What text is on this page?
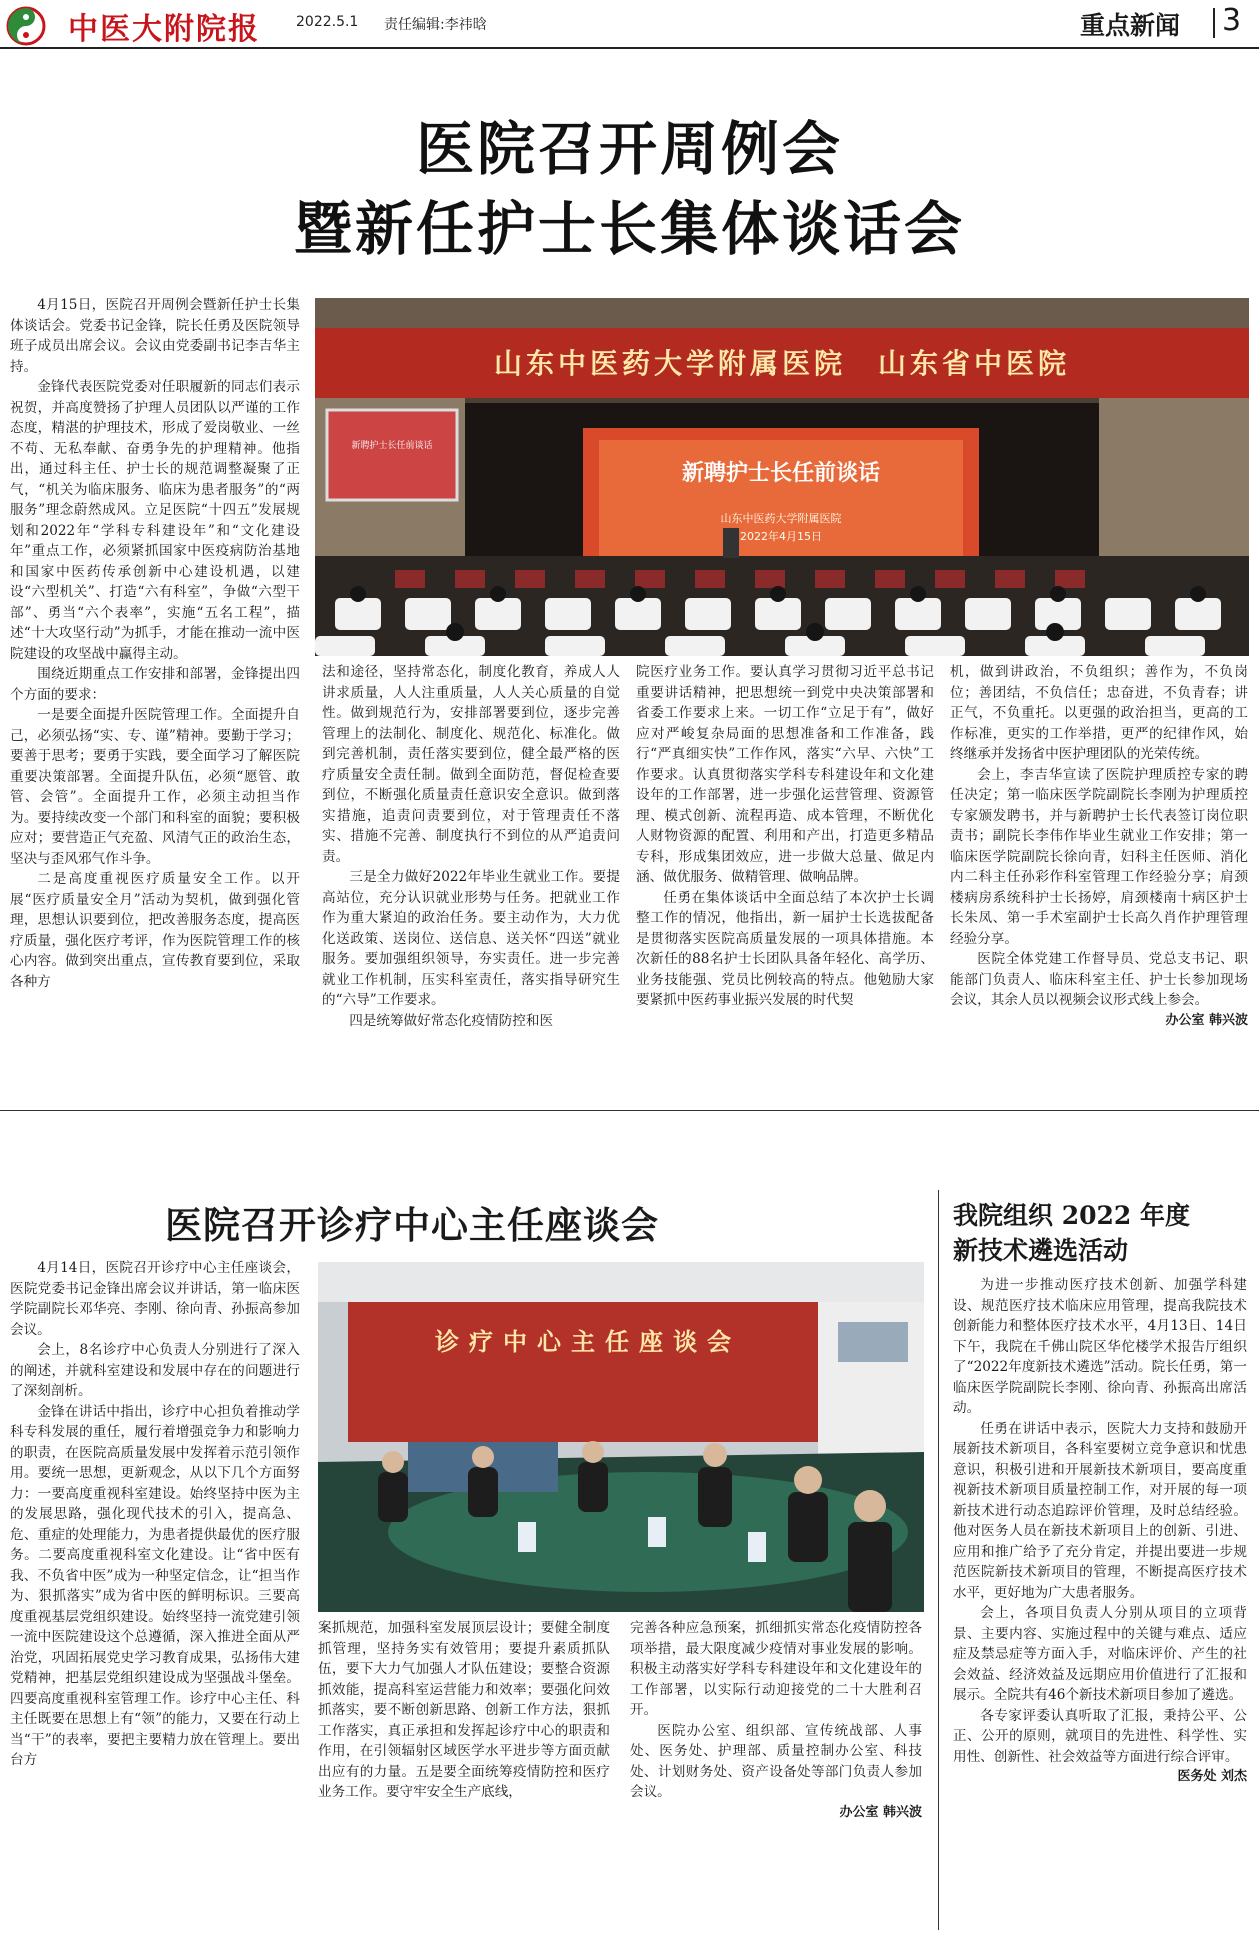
中医大附院报	2022.5.1 责任编辑:李祎晗	重点新闻 3
医院召开周例会
暨新任护士长集体谈话会

4月15日，医院召开周例会暨新任护士长集体谈话会。党委书记金锋，院长任勇及医院领导班子成员出席会议。会议由党委副书记李吉华主持。

金锋代表医院党委对任职履新的同志们表示祝贺，并高度赞扬了护理人员团队以严谨的工作态度，精湛的护理技术，形成了爱岗敬业、一丝不苟、无私奉献、奋勇争先的护理精神。他指出，通过科主任、护士长的规范调整凝聚了正气，“机关为临床服务、临床为患者服务”的“两服务”理念蔚然成风。立足医院“十四五”发展规划和2022年“学科专科建设年”和“文化建设年”重点工作，必须紧抓国家中医疫病防治基地和国家中医药传承创新中心建设机遇，以建设“六型机关”、打造“六有科室”，争做“六型干部”、勇当“六个表率”，实施“五名工程”，描述“十大攻坚行动”为抓手，才能在推动一流中医院建设的攻坚战中赢得主动。

围绕近期重点工作安排和部署，金锋提出四个方面的要求：

一是要全面提升医院管理工作。全面提升自己，必须弘扬“实、专、谨”精神。要勤于学习；要善于思考；要勇于实践，要全面学习了解医院重要决策部署。全面提升队伍，必须“愿管、敢管、会管”。全面提升工作，必须主动担当作为。要持续改变一个部门和科室的面貌；要积极应对；要营造正气充盈、风清气正的政治生态，坚决与歪风邪气作斗争。

二是高度重视医疗质量安全工作。以开展“医疗质量安全月”活动为契机，做到强化管理，思想认识要到位，把改善服务态度，提高医疗质量，强化医疗考评，作为医院管理工作的核心内容。做到突出重点，宣传教育要到位，采取各种方

山东中医药大学附属医院　山东省中医院
新聘护士长任前谈话
新聘护士长任前谈话
山东中医药大学附属医院
2022年4月15日

法和途径，坚持常态化，制度化教育，养成人人讲求质量，人人注重质量，人人关心质量的自觉性。做到规范行为，安排部署要到位，逐步完善管理上的法制化、制度化、规范化、标准化。做到完善机制，责任落实要到位，健全最严格的医疗质量安全责任制。做到全面防范，督促检查要到位，不断强化质量责任意识安全意识。做到落实措施，追责问责要到位，对于管理责任不落实、措施不完善、制度执行不到位的从严追责问责。

三是全力做好2022年毕业生就业工作。要提高站位，充分认识就业形势与任务。把就业工作作为重大紧迫的政治任务。要主动作为，大力优化送政策、送岗位、送信息、送关怀“四送”就业服务。要加强组织领导，夯实责任。进一步完善就业工作机制，压实科室责任，落实指导研究生的“六导”工作要求。

四是统筹做好常态化疫情防控和医

院医疗业务工作。要认真学习贯彻习近平总书记重要讲话精神，把思想统一到党中央决策部署和省委工作要求上来。一切工作“立足于有”，做好应对严峻复杂局面的思想准备和工作准备，践行“严真细实快”工作作风，落实“六早、六快”工作要求。认真贯彻落实学科专科建设年和文化建设年的工作部署，进一步强化运营管理、资源管理、模式创新、流程再造、成本管理，不断优化人财物资源的配置、利用和产出，打造更多精品专科，形成集团效应，进一步做大总量、做足内涵、做优服务、做精管理、做响品牌。

任勇在集体谈话中全面总结了本次护士长调整工作的情况，他指出，新一届护士长选拔配备是贯彻落实医院高质量发展的一项具体措施。本次新任的88名护士长团队具备年轻化、高学历、业务技能强、党员比例较高的特点。他勉励大家要紧抓中医药事业振兴发展的时代契

机，做到讲政治，不负组织；善作为，不负岗位；善团结，不负信任；忠奋进，不负青春；讲正气，不负重托。以更强的政治担当，更高的工作标准，更实的工作举措，更严的纪律作风，始终继承并发扬省中医护理团队的光荣传统。

会上，李吉华宣读了医院护理质控专家的聘任决定；第一临床医学院副院长李刚为护理质控专家颁发聘书，并与新聘护士长代表签订岗位职责书；副院长李伟作毕业生就业工作安排；第一临床医学院副院长徐向青，妇科主任医师、消化内二科主任孙彩作科室管理工作经验分享；肩颈楼病房系统科护士长扬婷，肩颈楼南十病区护士长朱凤、第一手术室副护士长高久肖作护理管理经验分享。

医院全体党建工作督导员、党总支书记、职能部门负责人、临床科室主任、护士长参加现场会议，其余人员以视频会议形式线上参会。

办公室 韩兴波
医院召开诊疗中心主任座谈会

4月14日，医院召开诊疗中心主任座谈会，医院党委书记金锋出席会议并讲话，第一临床医学院副院长邓华亮、李刚、徐向青、孙振高参加会议。

会上，8名诊疗中心负责人分别进行了深入的阐述，并就科室建设和发展中存在的问题进行了深刻剖析。

金锋在讲话中指出，诊疗中心担负着推动学科专科发展的重任，履行着增强竞争力和影响力的职责，在医院高质量发展中发挥着示范引领作用。要统一思想，更新观念，从以下几个方面努力：一要高度重视科室建设。始终坚持中医为主的发展思路，强化现代技术的引入，提高急、危、重症的处理能力，为患者提供最优的医疗服务。二要高度重视科室文化建设。让“省中医有我、不负省中医”成为一种坚定信念，让“担当作为、狠抓落实”成为省中医的鲜明标识。三要高度重视基层党组织建设。始终坚持一流党建引领一流中医院建设这个总遵循，深入推进全面从严治党，巩固拓展党史学习教育成果，弘扬伟大建党精神，把基层党组织建设成为坚强战斗堡垒。四要高度重视科室管理工作。诊疗中心主任、科主任既要在思想上有“领”的能力，又要在行动上当“干”的表率，要把主要精力放在管理上。要出台方

诊疗中心主任座谈会

案抓规范，加强科室发展顶层设计；要健全制度抓管理，坚持务实有效管用；要提升素质抓队伍，要下大力气加强人才队伍建设；要整合资源抓效能，提高科室运营能力和效率；要强化问效抓落实，要不断创新思路、创新工作方法，狠抓工作落实，真正承担和发挥起诊疗中心的职责和作用，在引领辐射区域医学水平进步等方面贡献出应有的力量。五是要全面统筹疫情防控和医疗业务工作。要守牢安全生产底线，

完善各种应急预案，抓细抓实常态化疫情防控各项举措，最大限度减少疫情对事业发展的影响。积极主动落实好学科专科建设年和文化建设年的工作部署，以实际行动迎接党的二十大胜利召开。

医院办公室、组织部、宣传统战部、人事处、医务处、护理部、质量控制办公室、科技处、计划财务处、资产设备处等部门负责人参加会议。

办公室 韩兴波
我院组织 2022 年度
新技术遴选活动

为进一步推动医疗技术创新、加强学科建设、规范医疗技术临床应用管理，提高我院技术创新能力和整体医疗技术水平，4月13日、14日下午，我院在千佛山院区华佗楼学术报告厅组织了“2022年度新技术遴选”活动。院长任勇，第一临床医学院副院长李刚、徐向青、孙振高出席活动。

任勇在讲话中表示，医院大力支持和鼓励开展新技术新项目，各科室要树立竞争意识和忧患意识，积极引进和开展新技术新项目，要高度重视新技术新项目质量控制工作，对开展的每一项新技术进行动态追踪评价管理，及时总结经验。他对医务人员在新技术新项目上的创新、引进、应用和推广给予了充分肯定，并提出要进一步规范医院新技术新项目的管理，不断提高医疗技术水平，更好地为广大患者服务。

会上，各项目负责人分别从项目的立项背景、主要内容、实施过程中的关键与难点、适应症及禁忌症等方面入手，对临床评价、产生的社会效益、经济效益及远期应用价值进行了汇报和展示。全院共有46个新技术新项目参加了遴选。

各专家评委认真听取了汇报，秉持公平、公正、公开的原则，就项目的先进性、科学性、实用性、创新性、社会效益等方面进行综合评审。

医务处 刘杰
